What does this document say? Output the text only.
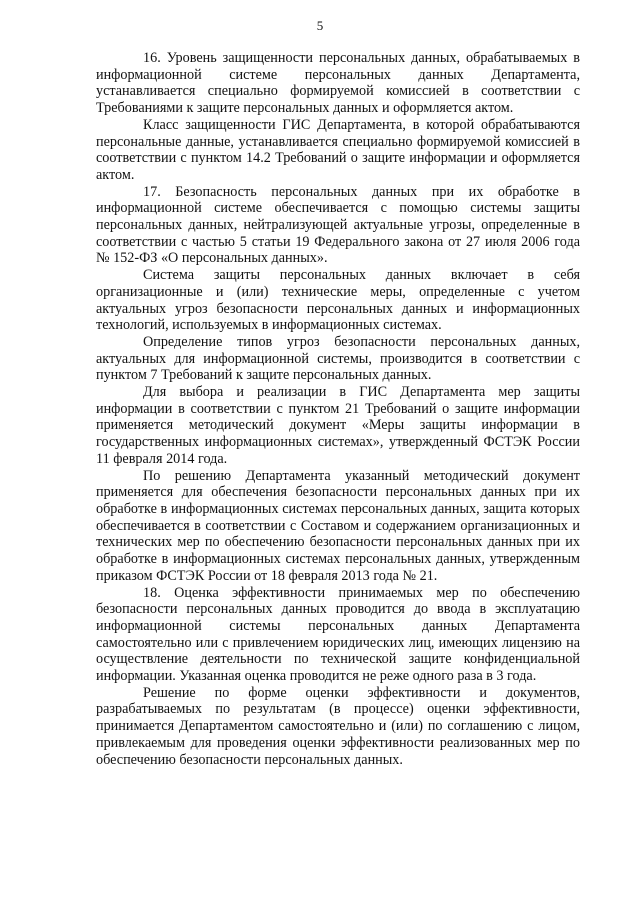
5

16. Уровень защищенности персональных данных, обрабатываемых в информационной системе персональных данных Департамента, устанавливается специально формируемой комиссией в соответствии с Требованиями к защите персональных данных и оформляется актом.

Класс защищенности ГИС Департамента, в которой обрабатываются персональные данные, устанавливается специально формируемой комиссией в соответствии с пунктом 14.2 Требований о защите информации и оформляется актом.

17. Безопасность персональных данных при их обработке в информационной системе обеспечивается с помощью системы защиты персональных данных, нейтрализующей актуальные угрозы, определенные в соответствии с частью 5 статьи 19 Федерального закона от 27 июля 2006 года № 152-ФЗ «О персональных данных».

Система защиты персональных данных включает в себя организационные и (или) технические меры, определенные с учетом актуальных угроз безопасности персональных данных и информационных технологий, используемых в информационных системах.

Определение типов угроз безопасности персональных данных, актуальных для информационной системы, производится в соответствии с пунктом 7 Требований к защите персональных данных.

Для выбора и реализации в ГИС Департамента мер защиты информации в соответствии с пунктом 21 Требований о защите информации применяется методический документ «Меры защиты информации в государственных информационных системах», утвержденный ФСТЭК России 11 февраля 2014 года.

По решению Департамента указанный методический документ применяется для обеспечения безопасности персональных данных при их обработке в информационных системах персональных данных, защита которых обеспечивается в соответствии с Составом и содержанием организационных и технических мер по обеспечению безопасности персональных данных при их обработке в информационных системах персональных данных, утвержденным приказом ФСТЭК России от 18 февраля 2013 года № 21.

18. Оценка эффективности принимаемых мер по обеспечению безопасности персональных данных проводится до ввода в эксплуатацию информационной системы персональных данных Департамента самостоятельно или с привлечением юридических лиц, имеющих лицензию на осуществление деятельности по технической защите конфиденциальной информации. Указанная оценка проводится не реже одного раза в 3 года.

Решение по форме оценки эффективности и документов, разрабатываемых по результатам (в процессе) оценки эффективности, принимается Департаментом самостоятельно и (или) по соглашению с лицом, привлекаемым для проведения оценки эффективности реализованных мер по обеспечению безопасности персональных данных.
